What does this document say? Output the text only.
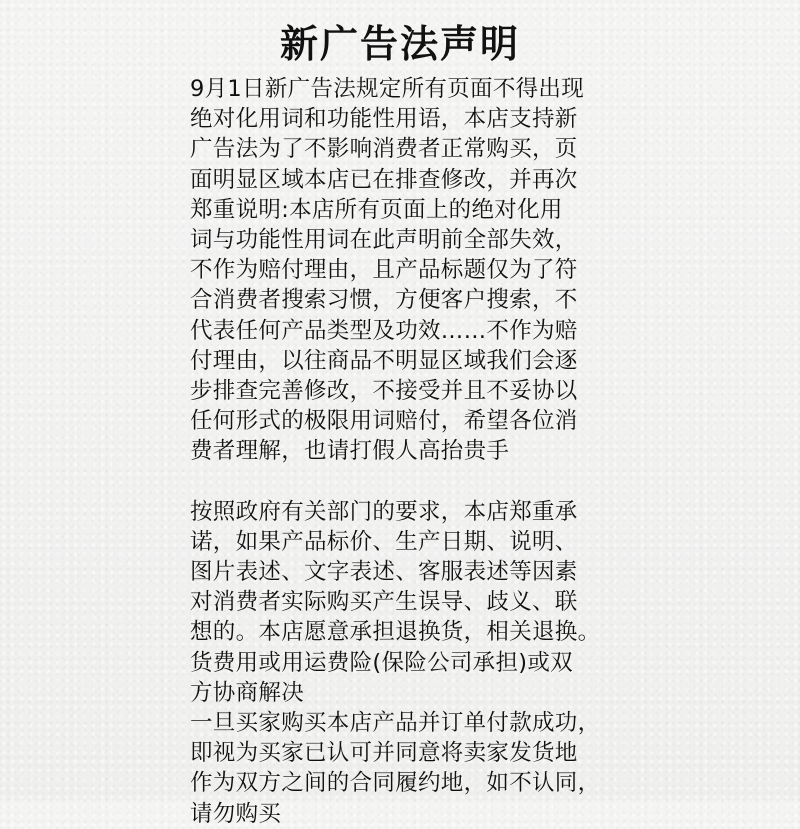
新广告法声明
9月1日新广告法规定所有页面不得出现
绝对化用词和功能性用语，本店支持新
广告法为了不影响消费者正常购买，页
面明显区域本店已在排查修改，并再次
郑重说明:本店所有页面上的绝对化用
词与功能性用词在此声明前全部失效，
不作为赔付理由，且产品标题仅为了符
合消费者搜索习惯，方便客户搜索，不
代表任何产品类型及功效……不作为赔
付理由，以往商品不明显区域我们会逐
步排查完善修改，不接受并且不妥协以
任何形式的极限用词赔付，希望各位消
费者理解，也请打假人高抬贵手
按照政府有关部门的要求，本店郑重承
诺，如果产品标价、生产日期、说明、
图片表述、文字表述、客服表述等因素
对消费者实际购买产生误导、歧义、联
想的。本店愿意承担退换货，相关退换。
货费用或用运费险(保险公司承担)或双
方协商解决
一旦买家购买本店产品并订单付款成功，
即视为买家已认可并同意将卖家发货地
作为双方之间的合同履约地，如不认同，
请勿购买
